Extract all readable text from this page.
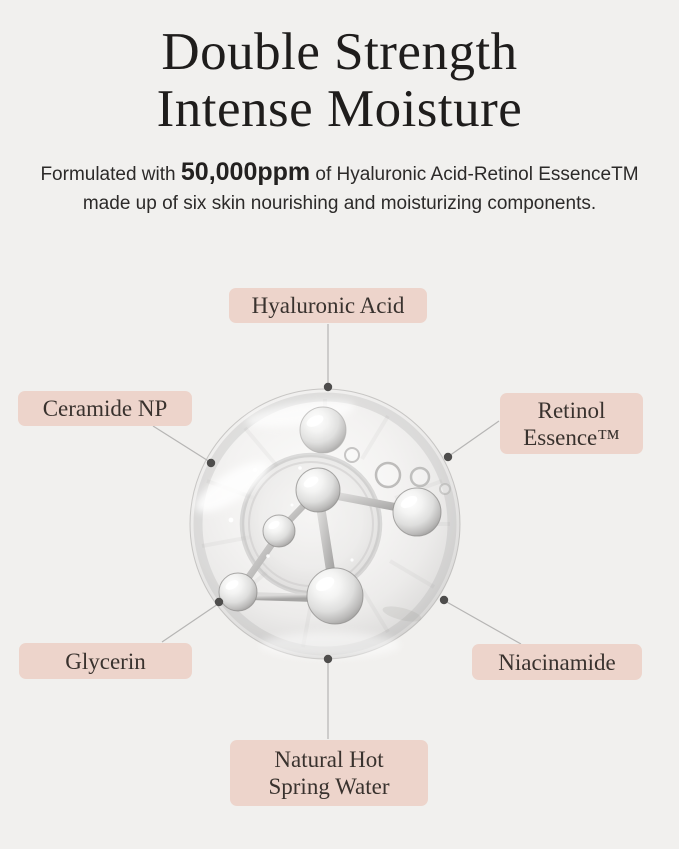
Double Strength
Intense Moisture
Formulated with 50,000ppm of Hyaluronic Acid-Retinol EssenceTM
made up of six skin nourishing and moisturizing components.
Hyaluronic Acid
Ceramide NP	Retinol
Essence™
Glycerin	Niacinamide
Natural Hot
Spring Water
